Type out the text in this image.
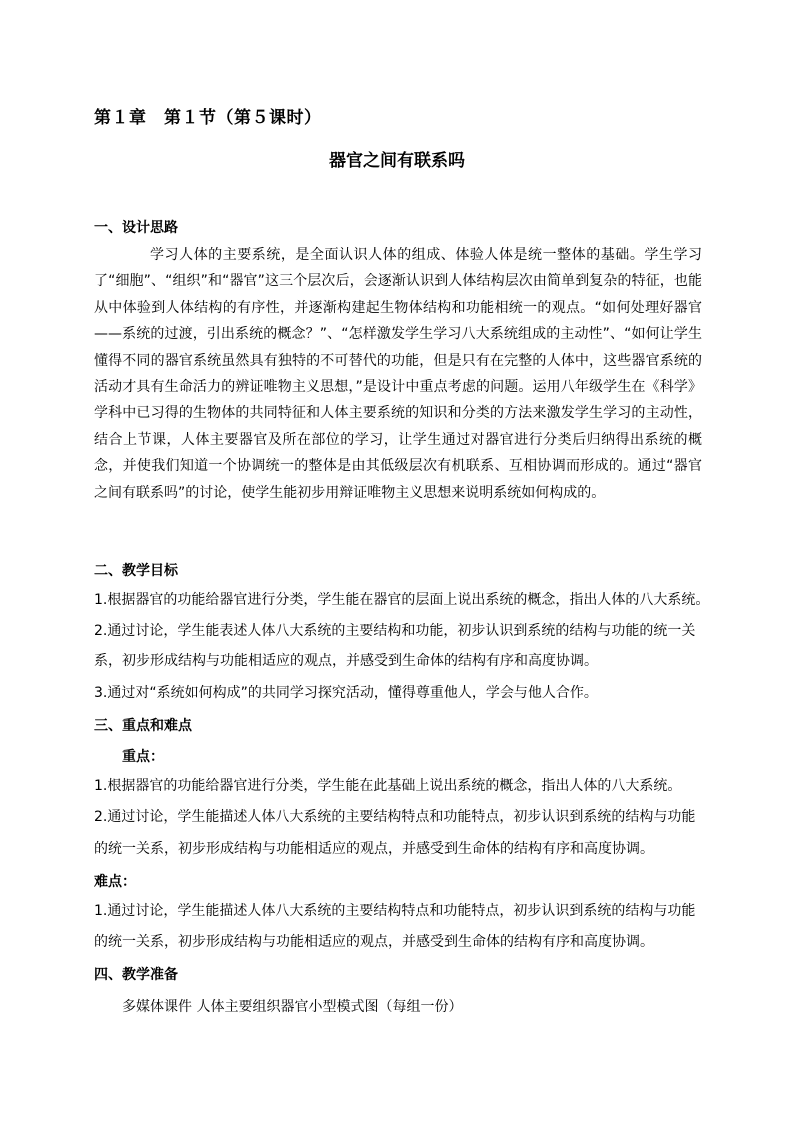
第１章　第１节（第５课时）
器官之间有联系吗
一、设计思路
学习人体的主要系统，是全面认识人体的组成、体验人体是统一整体的基础。学生学习了“细胞”、“组织”和“器官”这三个层次后，会逐渐认识到人体结构层次由简单到复杂的特征，也能从中体验到人体结构的有序性，并逐渐构建起生物体结构和功能相统一的观点。“如何处理好器官——系统的过渡，引出系统的概念？”、“怎样激发学生学习八大系统组成的主动性”、“如何让学生懂得不同的器官系统虽然具有独特的不可替代的功能，但是只有在完整的人体中，这些器官系统的活动才具有生命活力的辨证唯物主义思想，”是设计中重点考虑的问题。运用八年级学生在《科学》学科中已习得的生物体的共同特征和人体主要系统的知识和分类的方法来激发学生学习的主动性，结合上节课，人体主要器官及所在部位的学习，让学生通过对器官进行分类后归纳得出系统的概念，并使我们知道一个协调统一的整体是由其低级层次有机联系、互相协调而形成的。通过“器官之间有联系吗”的讨论，使学生能初步用辩证唯物主义思想来说明系统如何构成的。
二、教学目标
1.根据器官的功能给器官进行分类，学生能在器官的层面上说出系统的概念，指出人体的八大系统。
2.通过讨论，学生能表述人体八大系统的主要结构和功能，初步认识到系统的结构与功能的统一关
系，初步形成结构与功能相适应的观点，并感受到生命体的结构有序和高度协调。
3.通过对“系统如何构成”的共同学习探究活动，懂得尊重他人，学会与他人合作。
三、重点和难点
重点：
1.根据器官的功能给器官进行分类，学生能在此基础上说出系统的概念，指出人体的八大系统。
2.通过讨论，学生能描述人体八大系统的主要结构特点和功能特点，初步认识到系统的结构与功能
的统一关系，初步形成结构与功能相适应的观点，并感受到生命体的结构有序和高度协调。
难点：
1.通过讨论，学生能描述人体八大系统的主要结构特点和功能特点，初步认识到系统的结构与功能
的统一关系，初步形成结构与功能相适应的观点，并感受到生命体的结构有序和高度协调。
四、教学准备
多媒体课件 人体主要组织器官小型模式图（每组一份）
